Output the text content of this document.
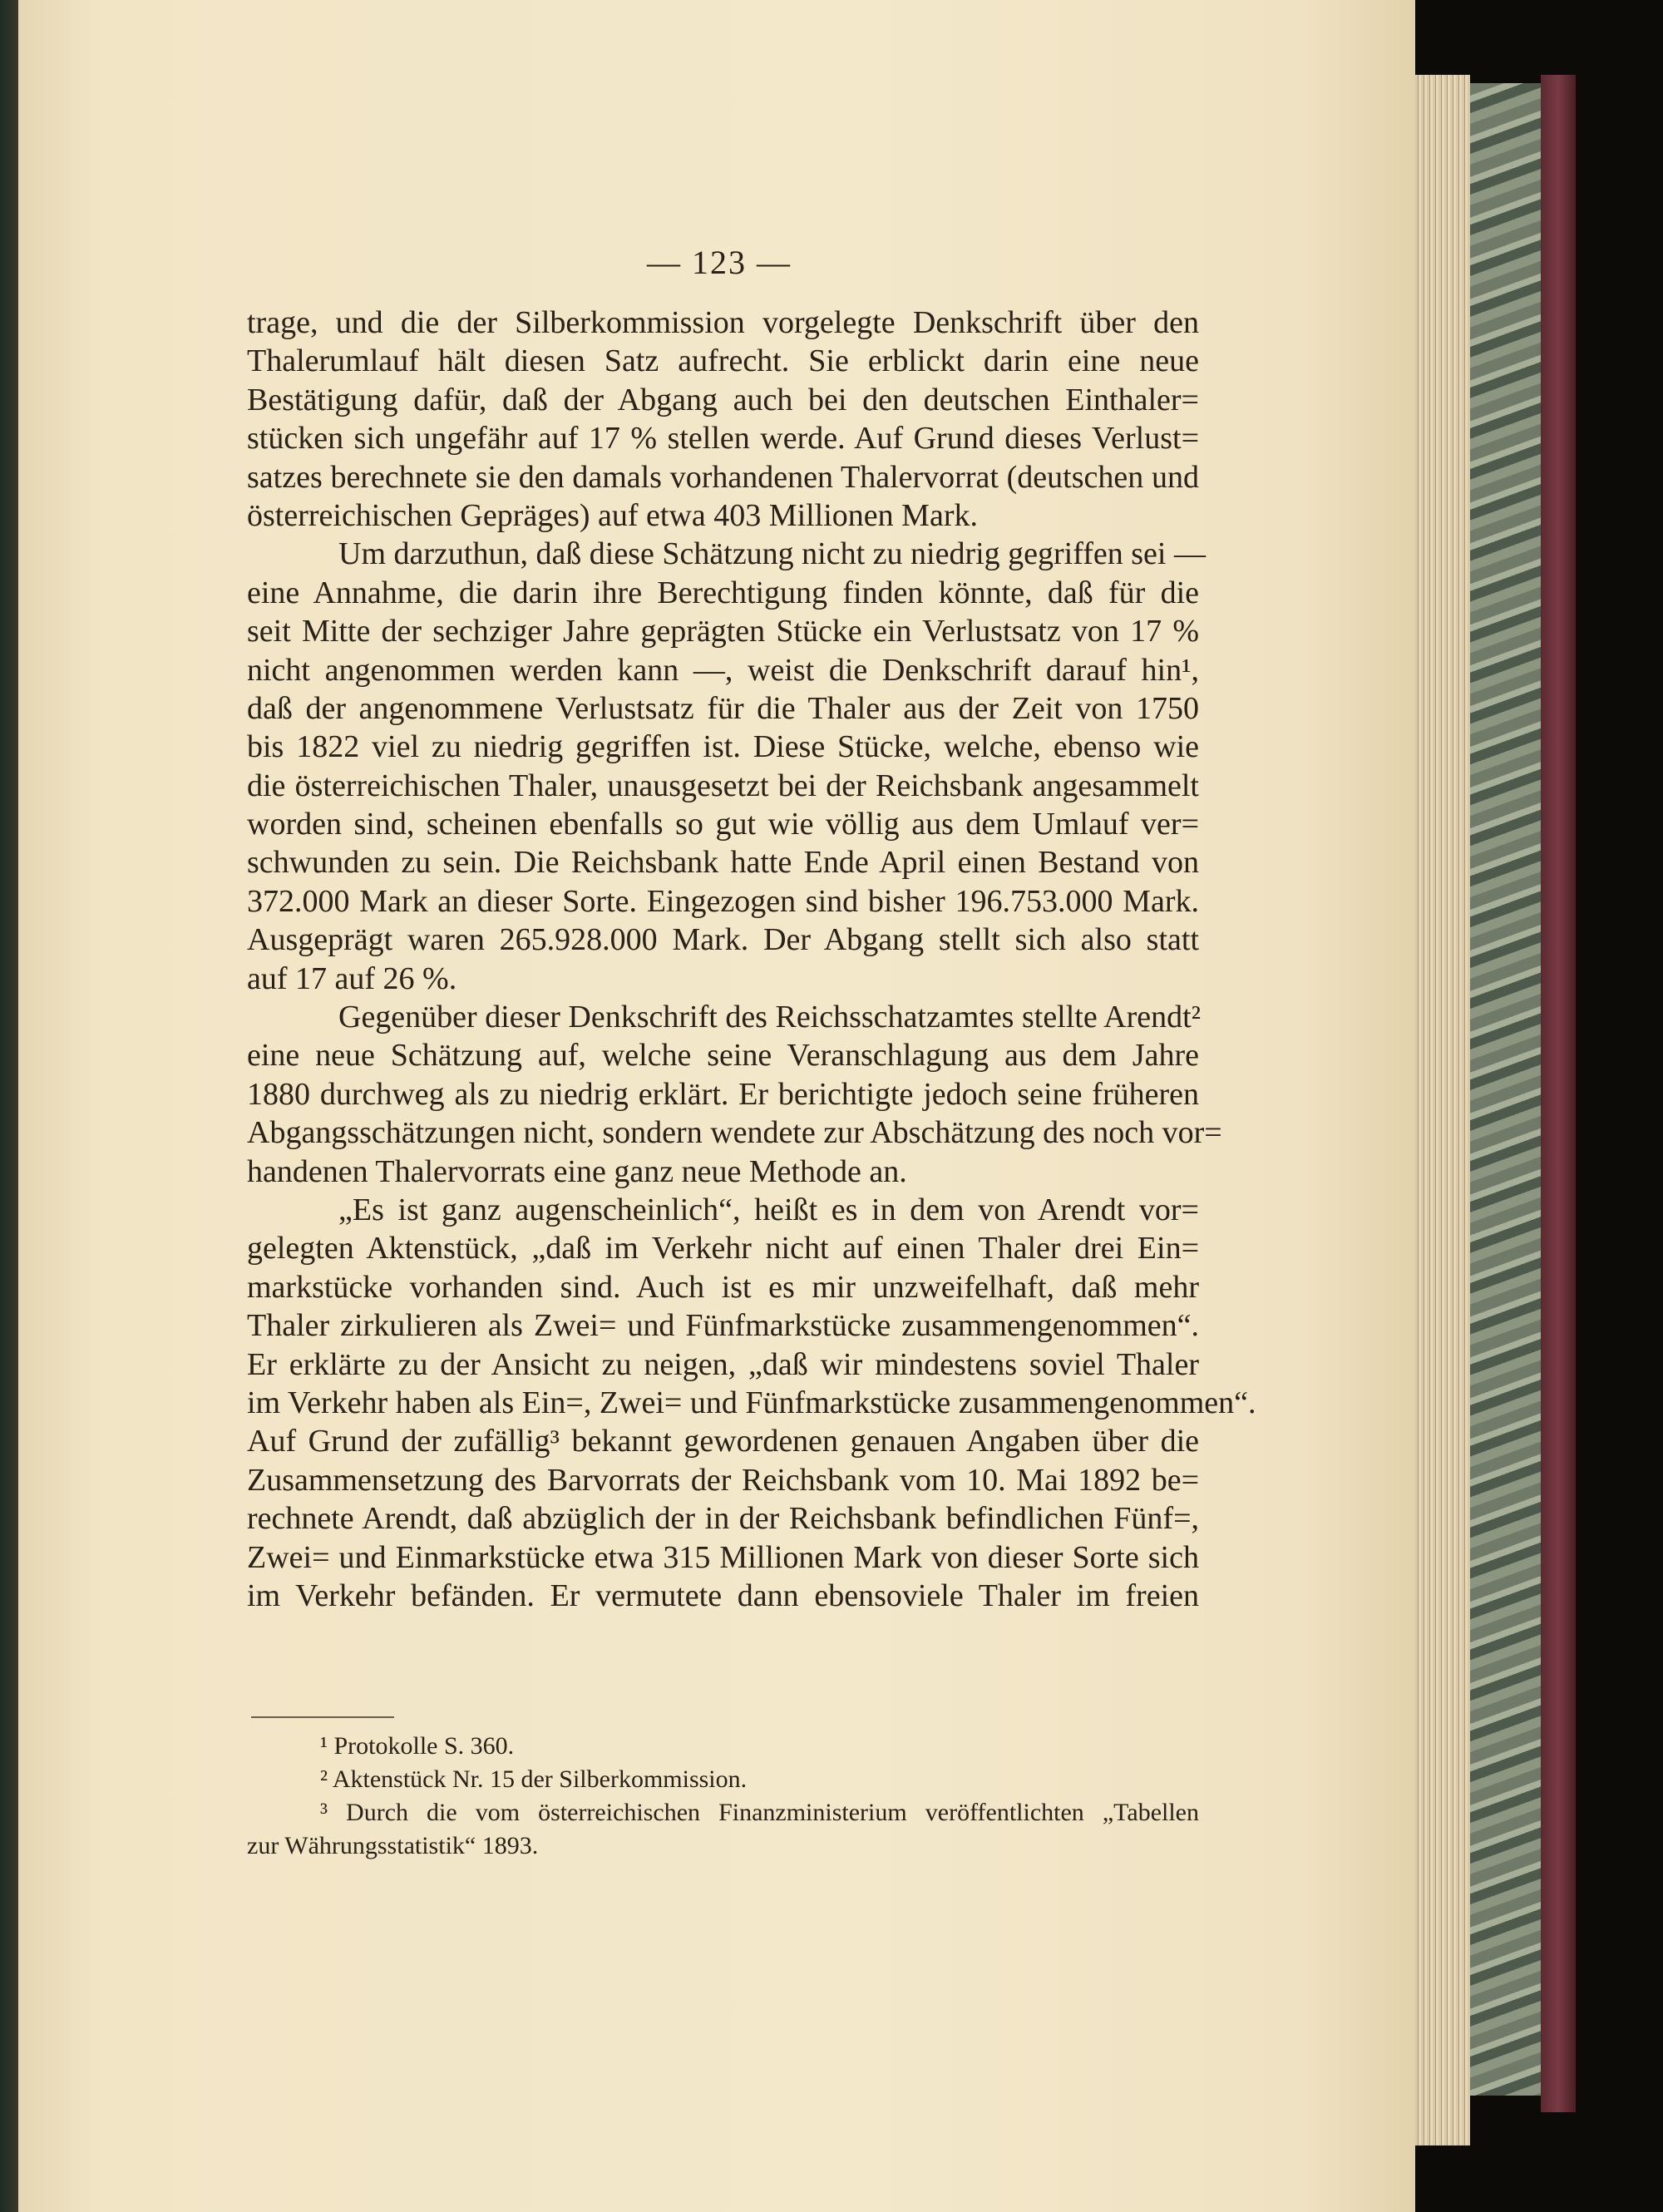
— 123 —
trage, und die der Silberkommission vorgelegte Denkschrift über den
Thalerumlauf hält diesen Satz aufrecht. Sie erblickt darin eine neue
Bestätigung dafür, daß der Abgang auch bei den deutschen Einthaler=
stücken sich ungefähr auf 17 % stellen werde. Auf Grund dieses Verlust=
satzes berechnete sie den damals vorhandenen Thalervorrat (deutschen und
österreichischen Gepräges) auf etwa 403 Millionen Mark.
Um darzuthun, daß diese Schätzung nicht zu niedrig gegriffen sei —
eine Annahme, die darin ihre Berechtigung finden könnte, daß für die
seit Mitte der sechziger Jahre geprägten Stücke ein Verlustsatz von 17 %
nicht angenommen werden kann —, weist die Denkschrift darauf hin¹,
daß der angenommene Verlustsatz für die Thaler aus der Zeit von 1750
bis 1822 viel zu niedrig gegriffen ist. Diese Stücke, welche, ebenso wie
die österreichischen Thaler, unausgesetzt bei der Reichsbank angesammelt
worden sind, scheinen ebenfalls so gut wie völlig aus dem Umlauf ver=
schwunden zu sein. Die Reichsbank hatte Ende April einen Bestand von
372.000 Mark an dieser Sorte. Eingezogen sind bisher 196.753.000 Mark.
Ausgeprägt waren 265.928.000 Mark. Der Abgang stellt sich also statt
auf 17 auf 26 %.
Gegenüber dieser Denkschrift des Reichsschatzamtes stellte Arendt²
eine neue Schätzung auf, welche seine Veranschlagung aus dem Jahre
1880 durchweg als zu niedrig erklärt. Er berichtigte jedoch seine früheren
Abgangsschätzungen nicht, sondern wendete zur Abschätzung des noch vor=
handenen Thalervorrats eine ganz neue Methode an.
„Es ist ganz augenscheinlich“, heißt es in dem von Arendt vor=
gelegten Aktenstück, „daß im Verkehr nicht auf einen Thaler drei Ein=
markstücke vorhanden sind. Auch ist es mir unzweifelhaft, daß mehr
Thaler zirkulieren als Zwei= und Fünfmarkstücke zusammengenommen“.
Er erklärte zu der Ansicht zu neigen, „daß wir mindestens soviel Thaler
im Verkehr haben als Ein=, Zwei= und Fünfmarkstücke zusammengenommen“.
Auf Grund der zufällig³ bekannt gewordenen genauen Angaben über die
Zusammensetzung des Barvorrats der Reichsbank vom 10. Mai 1892 be=
rechnete Arendt, daß abzüglich der in der Reichsbank befindlichen Fünf=,
Zwei= und Einmarkstücke etwa 315 Millionen Mark von dieser Sorte sich
im Verkehr befänden. Er vermutete dann ebensoviele Thaler im freien
¹ Protokolle S. 360.
² Aktenstück Nr. 15 der Silberkommission.
³ Durch die vom österreichischen Finanzministerium veröffentlichten „Tabellen
zur Währungsstatistik“ 1893.
